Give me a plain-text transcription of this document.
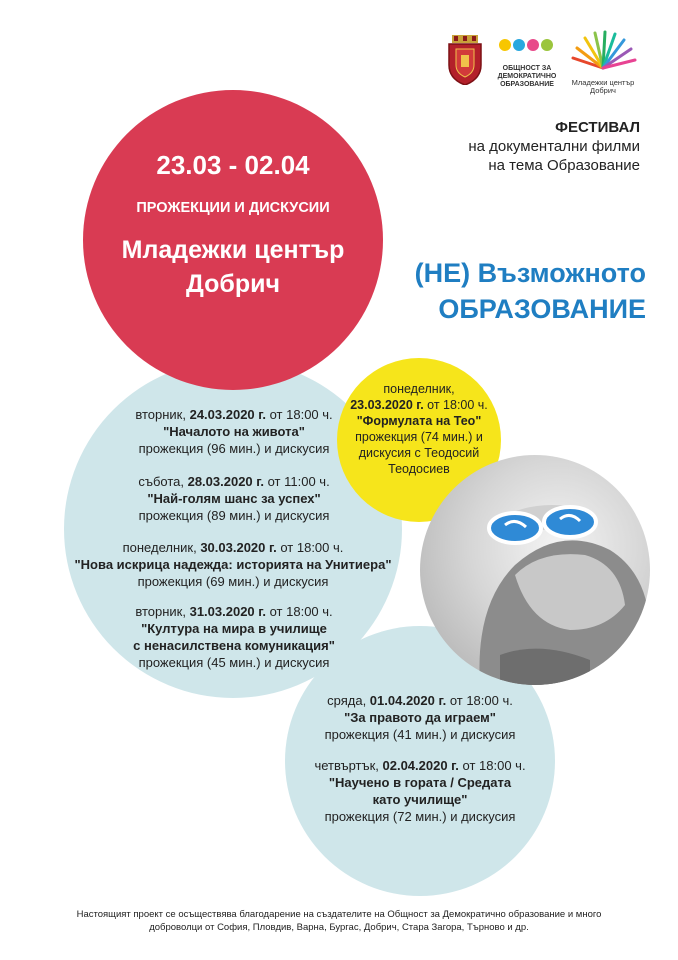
ОБЩНОСТ ЗА
ДЕМОКРАТИЧНО
ОБРАЗОВАНИЕ	Младежки център Добрич
ФЕСТИВАЛ
на документални филми
на тема Образование
23.03 - 02.04
ПРОЖЕКЦИИ И ДИСКУСИИ
Младежки център
Добрич	(НЕ) Възможното
ОБРАЗОВАНИЕ
понеделник,
23.03.2020 г. от 18:00 ч.
"Формулата на Тео"
прожекция (74 мин.) и
дискусия с Теодосий
Теодосиев
вторник, 24.03.2020 г. от 18:00 ч.
"Началото на живота"
прожекция (96 мин.) и дискусия
събота, 28.03.2020 г. от 11:00 ч.
"Най-голям шанс за успех"
прожекция (89 мин.) и дискусия
понеделник, 30.03.2020 г. от 18:00 ч.
"Нова искрица надежда: историята на Унитиера"
прожекция (69 мин.) и дискусия
вторник, 31.03.2020 г. от 18:00 ч.
"Култура на мира в училище
с ненасилствена комуникация"
прожекция (45 мин.) и дискусия
сряда, 01.04.2020 г. от 18:00 ч.
"За правото да играем"
прожекция (41 мин.) и дискусия
четвъртък, 02.04.2020 г. от 18:00 ч.
"Научено в гората / Средата
като училище"
прожекция (72 мин.) и дискусия
Настоящият проект се осъществява благодарение на създателите на Общност за Демократично образование и много
доброволци от София, Пловдив, Варна, Бургас, Добрич, Стара Загора, Търново и др.
